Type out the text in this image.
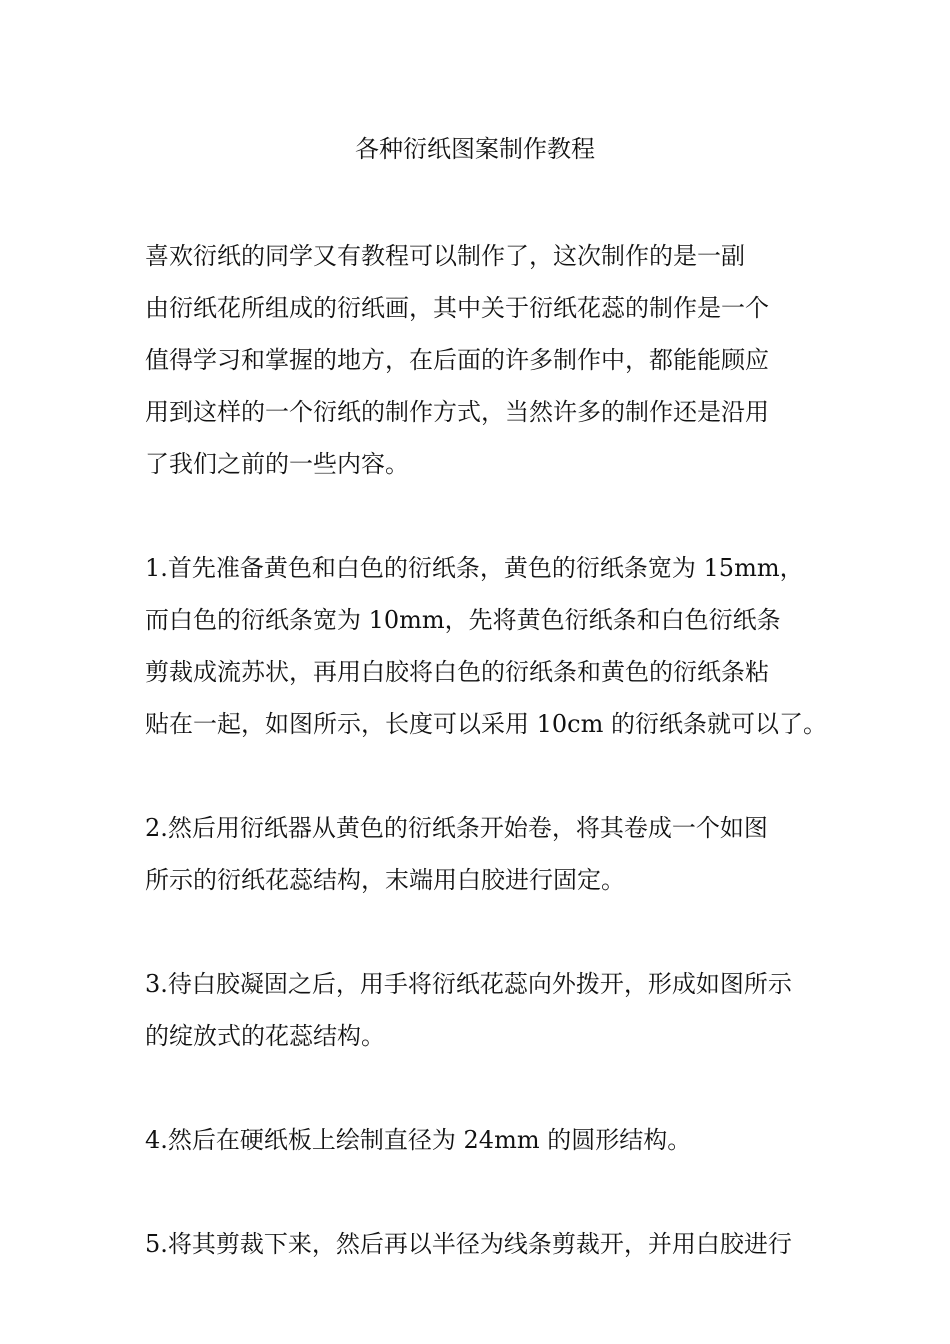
各种衍纸图案制作教程
喜欢衍纸的同学又有教程可以制作了，这次制作的是一副
由衍纸花所组成的衍纸画，其中关于衍纸花蕊的制作是一个
值得学习和掌握的地方，在后面的许多制作中，都能能顾应
用到这样的一个衍纸的制作方式，当然许多的制作还是沿用
了我们之前的一些内容。
1.首先准备黄色和白色的衍纸条，黄色的衍纸条宽为 15mm，
而白色的衍纸条宽为 10mm，先将黄色衍纸条和白色衍纸条
剪裁成流苏状，再用白胶将白色的衍纸条和黄色的衍纸条粘
贴在一起，如图所示，长度可以采用 10cm 的衍纸条就可以了。
2.然后用衍纸器从黄色的衍纸条开始卷，将其卷成一个如图
所示的衍纸花蕊结构，末端用白胶进行固定。
3.待白胶凝固之后，用手将衍纸花蕊向外拨开，形成如图所示
的绽放式的花蕊结构。
4.然后在硬纸板上绘制直径为 24mm 的圆形结构。
5.将其剪裁下来，然后再以半径为线条剪裁开，并用白胶进行
